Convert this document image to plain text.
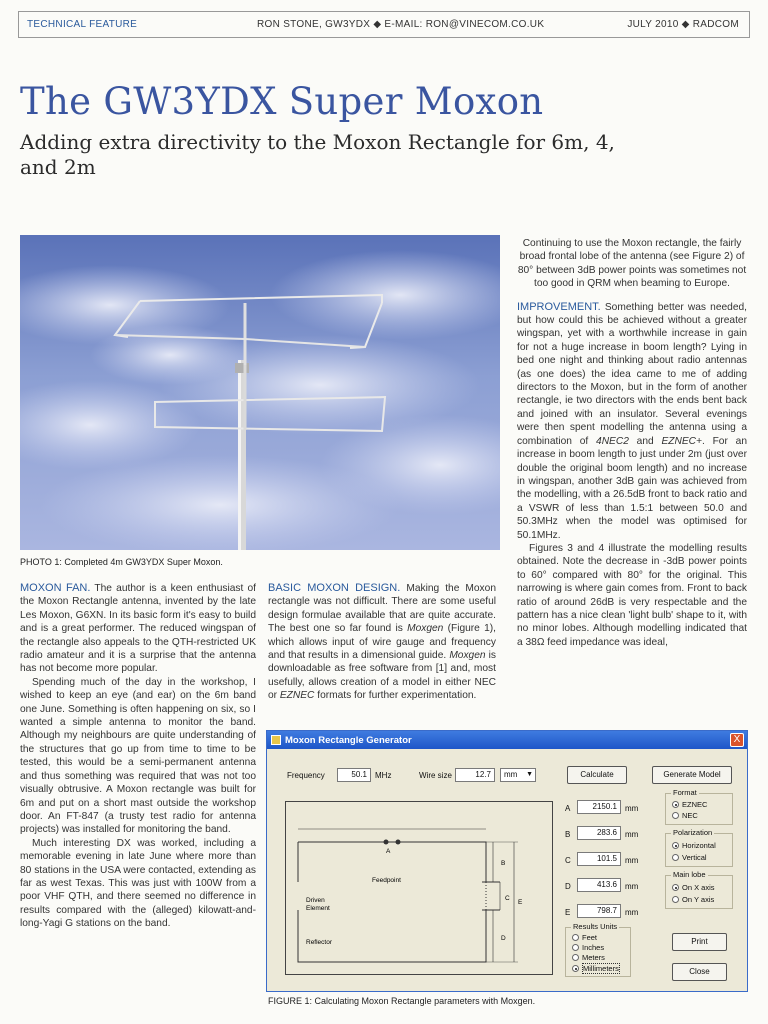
TECHNICAL FEATURE	RON STONE, GW3YDX ◆ E-MAIL: RON@VINECOM.CO.UK	JULY 2010 ◆ RADCOM
The GW3YDX Super Moxon
Adding extra directivity to the Moxon Rectangle for 6m, 4, and 2m
PHOTO 1: Completed 4m GW3YDX Super Moxon.

MOXON FAN. The author is a keen enthusiast of the Moxon Rectangle antenna, invented by the late Les Moxon, G6XN. In its basic form it's easy to build and is a great performer. The reduced wingspan of the rectangle also appeals to the QTH-restricted UK radio amateur and it is a surprise that the antenna has not become more popular.

Spending much of the day in the workshop, I wished to keep an eye (and ear) on the 6m band one June. Something is often happening on six, so I wanted a simple antenna to monitor the band. Although my neighbours are quite understanding of the structures that go up from time to time to be tested, this would be a semi-permanent antenna and thus something was required that was not too visually obtrusive. A Moxon rectangle was built for 6m and put on a short mast outside the workshop door. An FT-847 (a trusty test radio for antenna projects) was installed for monitoring the band.

Much interesting DX was worked, including a memorable evening in late June where more than 80 stations in the USA were contacted, extending as far as west Texas. This was just with 100W from a poor VHF QTH, and there seemed no difference in results compared with the (alleged) kilowatt-and-long-Yagi G stations on the band.

BASIC MOXON DESIGN. Making the Moxon rectangle was not difficult. There are some useful design formulae available that are quite accurate. The best one so far found is Moxgen (Figure 1), which allows input of wire gauge and frequency and that results in a dimensional guide. Moxgen is downloadable as free software from [1] and, most usefully, allows creation of a model in either NEC or EZNEC formats for further experimentation.

Continuing to use the Moxon rectangle, the fairly broad frontal lobe of the antenna (see Figure 2) of 80° between 3dB power points was sometimes not too good in QRM when beaming to Europe.

IMPROVEMENT. Something better was needed, but how could this be achieved without a greater wingspan, yet with a worthwhile increase in gain for not a huge increase in boom length? Lying in bed one night and thinking about radio antennas (as one does) the idea came to me of adding directors to the Moxon, but in the form of another rectangle, ie two directors with the ends bent back and joined with an insulator. Several evenings were then spent modelling the antenna using a combination of 4NEC2 and EZNEC+. For an increase in boom length to just under 2m (just over double the original boom length) and no increase in wingspan, another 3dB gain was achieved from the modelling, with a 26.5dB front to back ratio and a VSWR of less than 1.5:1 between 50.0 and 50.3MHz when the model was optimised for 50.1MHz.

Figures 3 and 4 illustrate the modelling results obtained. Note the decrease in -3dB power points to 60° compared with 80° for the original. This narrowing is where gain comes from. Front to back ratio of around 26dB is very respectable and the pattern has a nice clean 'light bulb' shape to it, with no minor lobes. Although modelling indicated that a 38Ω feed impedance was ideal,

Moxon Rectangle Generator	X
Frequency	50.1	MHz	Wire size	12.7	mm ▼	Calculate	Generate Model
A	2150.1	mm
B	283.6	mm
C	101.5	mm
D	413.6	mm
E	798.7	mm
Format
EZNEC
NEC
Polarization
Horizontal
Vertical
Main lobe
On X axis
On Y axis
Results Units
Feet
Inches
Meters
Millimeters
Print
Close
A
Feedpoint
B
C
D
E
Driven Element
Reflector
FIGURE 1: Calculating Moxon Rectangle parameters with Moxgen.
